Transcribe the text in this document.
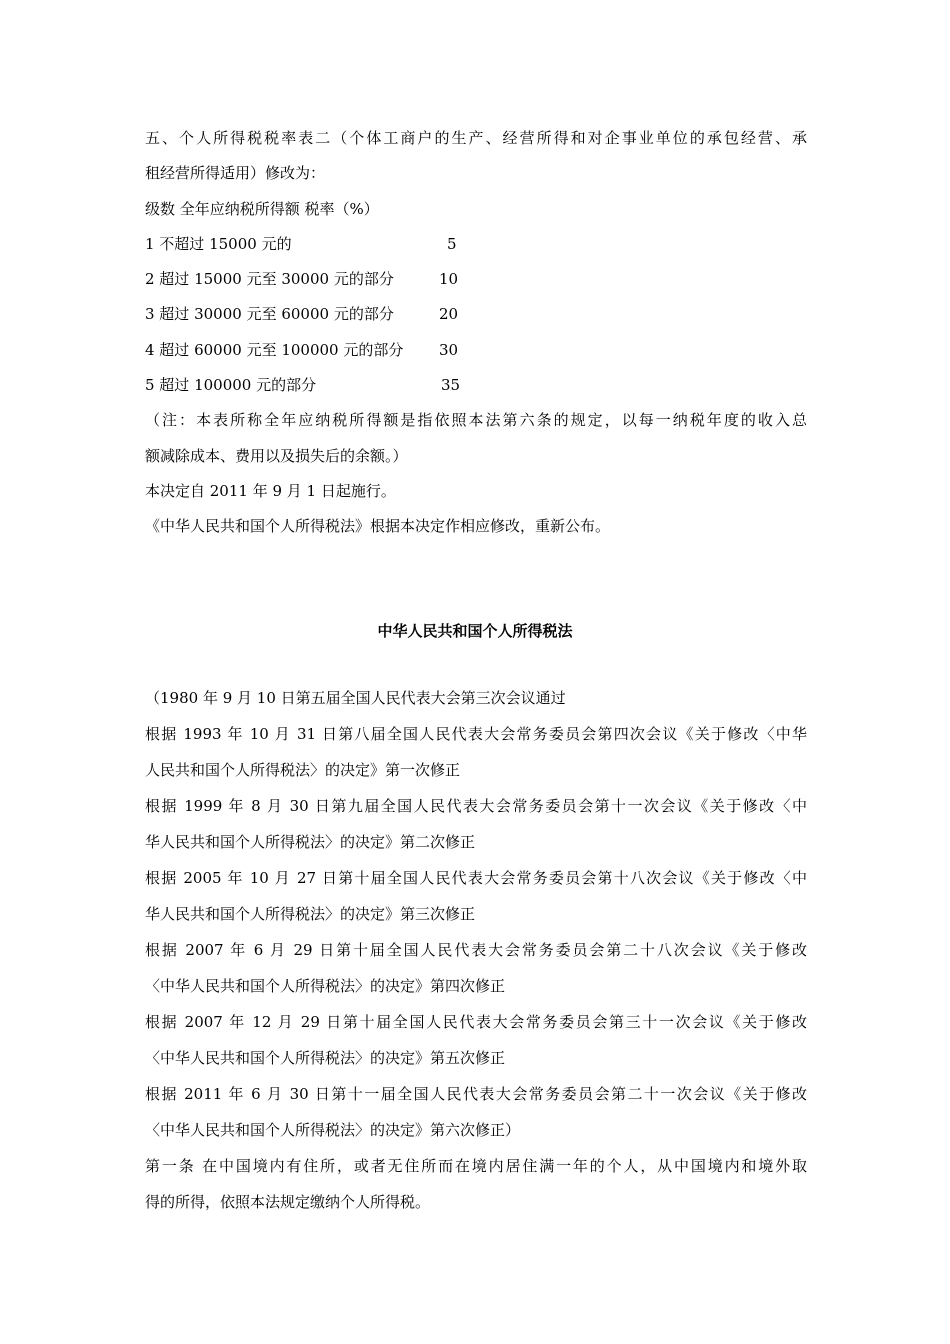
五、个人所得税税率表二（个体工商户的生产、经营所得和对企事业单位的承包经营、承
租经营所得适用）修改为：
级数 全年应纳税所得额 税率（%）
1 不超过 15000 元的	5
2 超过 15000 元至 30000 元的部分	10
3 超过 30000 元至 60000 元的部分	20
4 超过 60000 元至 100000 元的部分 30
5 超过 100000 元的部分	35
（注：本表所称全年应纳税所得额是指依照本法第六条的规定，以每一纳税年度的收入总
额减除成本、费用以及损失后的余额。）
本决定自 2011 年 9 月 1 日起施行。
《中华人民共和国个人所得税法》根据本决定作相应修改，重新公布。
中华人民共和国个人所得税法
（1980 年 9 月 10 日第五届全国人民代表大会第三次会议通过
根据 1993 年 10 月 31 日第八届全国人民代表大会常务委员会第四次会议《关于修改〈中华
人民共和国个人所得税法〉的决定》第一次修正
根据 1999 年 8 月 30 日第九届全国人民代表大会常务委员会第十一次会议《关于修改〈中
华人民共和国个人所得税法〉的决定》第二次修正
根据 2005 年 10 月 27 日第十届全国人民代表大会常务委员会第十八次会议《关于修改〈中
华人民共和国个人所得税法〉的决定》第三次修正
根据 2007 年 6 月 29 日第十届全国人民代表大会常务委员会第二十八次会议《关于修改
〈中华人民共和国个人所得税法〉的决定》第四次修正
根据 2007 年 12 月 29 日第十届全国人民代表大会常务委员会第三十一次会议《关于修改
〈中华人民共和国个人所得税法〉的决定》第五次修正
根据 2011 年 6 月 30 日第十一届全国人民代表大会常务委员会第二十一次会议《关于修改
〈中华人民共和国个人所得税法〉的决定》第六次修正）
第一条 在中国境内有住所，或者无住所而在境内居住满一年的个人，从中国境内和境外取
得的所得，依照本法规定缴纳个人所得税。
